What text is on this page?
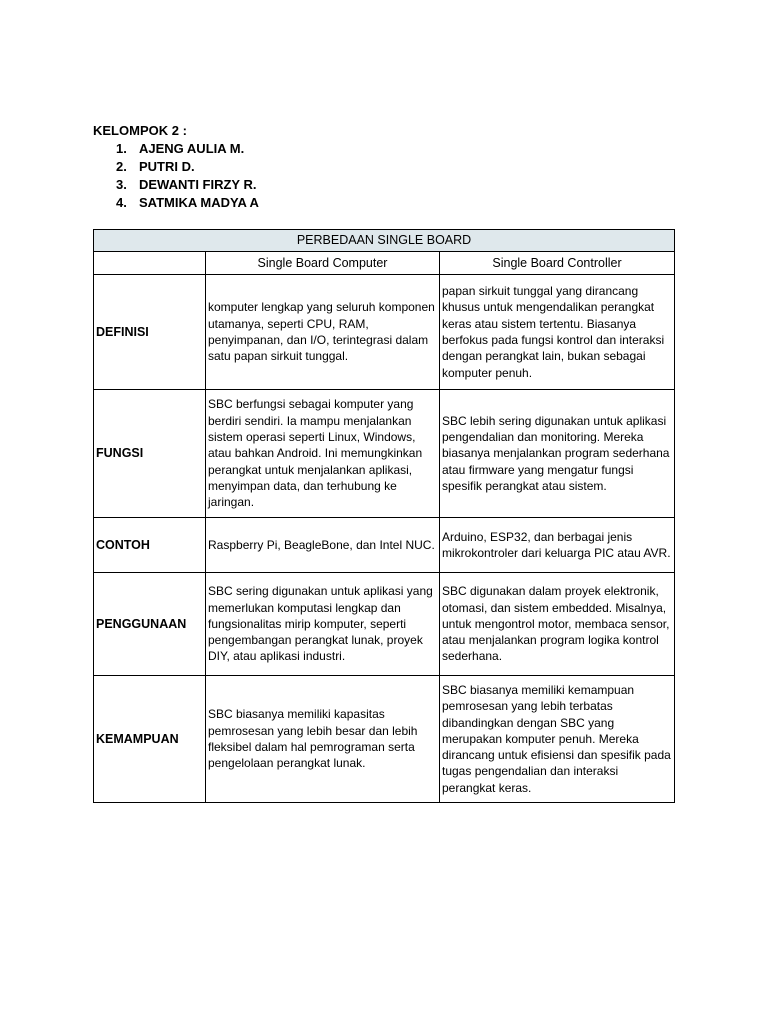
KELOMPOK 2 :
1. AJENG AULIA M.
2. PUTRI D.
3. DEWANTI FIRZY R.
4. SATMIKA MADYA A
PERBEDAAN SINGLE BOARD		
	Single Board Computer	Single Board Controller
DEFINISI	komputer lengkap yang seluruh komponen utamanya, seperti CPU, RAM, penyimpanan, dan I/O, terintegrasi dalam satu papan sirkuit tunggal.	papan sirkuit tunggal yang dirancang khusus untuk mengendalikan perangkat keras atau sistem tertentu. Biasanya berfokus pada fungsi kontrol dan interaksi dengan perangkat lain, bukan sebagai komputer penuh.
FUNGSI	SBC berfungsi sebagai komputer yang berdiri sendiri. Ia mampu menjalankan sistem operasi seperti Linux, Windows, atau bahkan Android. Ini memungkinkan perangkat untuk menjalankan aplikasi, menyimpan data, dan terhubung ke jaringan.	SBC lebih sering digunakan untuk aplikasi pengendalian dan monitoring. Mereka biasanya menjalankan program sederhana atau firmware yang mengatur fungsi spesifik perangkat atau sistem.
CONTOH	Raspberry Pi, BeagleBone, dan Intel NUC.	Arduino, ESP32, dan berbagai jenis mikrokontroler dari keluarga PIC atau AVR.
PENGGUNAAN	SBC sering digunakan untuk aplikasi yang memerlukan komputasi lengkap dan fungsionalitas mirip komputer, seperti pengembangan perangkat lunak, proyek DIY, atau aplikasi industri.	SBC digunakan dalam proyek elektronik, otomasi, dan sistem embedded. Misalnya, untuk mengontrol motor, membaca sensor, atau menjalankan program logika kontrol sederhana.
KEMAMPUAN	SBC biasanya memiliki kapasitas pemrosesan yang lebih besar dan lebih fleksibel dalam hal pemrograman serta pengelolaan perangkat lunak.	SBC biasanya memiliki kemampuan pemrosesan yang lebih terbatas dibandingkan dengan SBC yang merupakan komputer penuh. Mereka dirancang untuk efisiensi dan spesifik pada tugas pengendalian dan interaksi perangkat keras.
